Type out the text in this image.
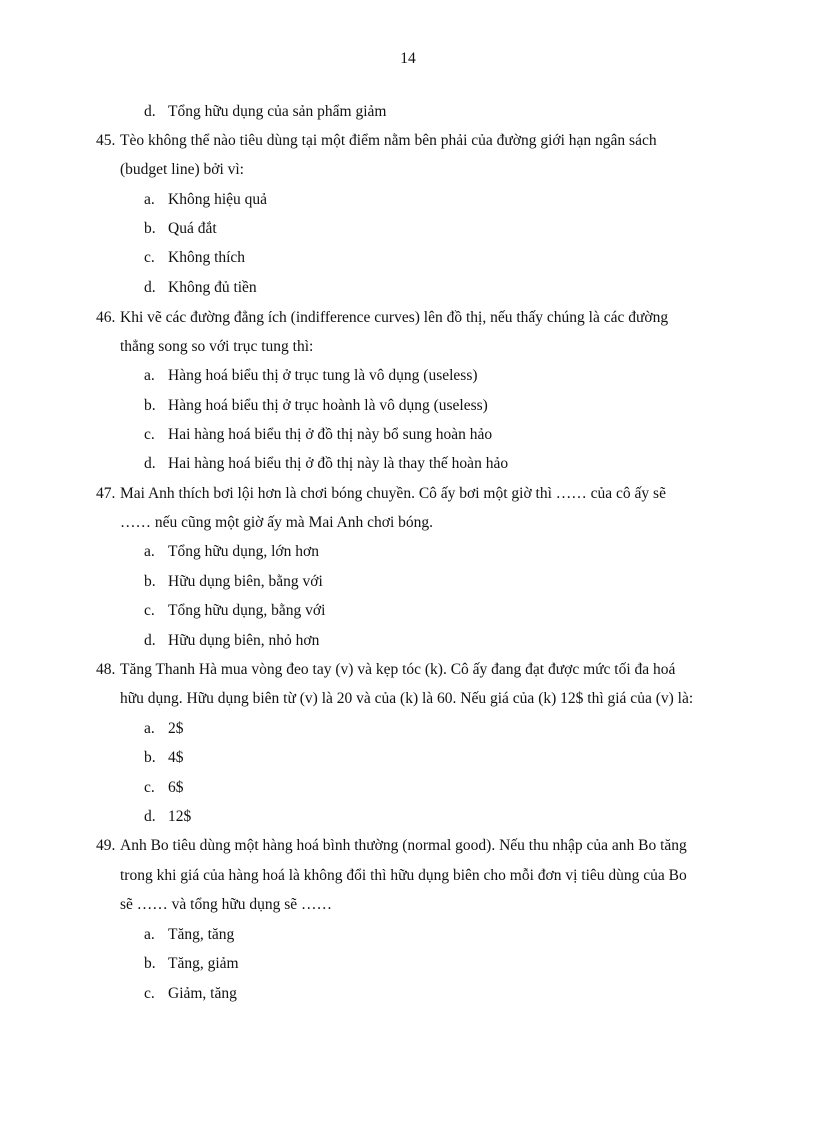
14
d. Tổng hữu dụng của sản phẩm giảm
45. Tèo không thể nào tiêu dùng tại một điểm nằm bên phải của đường giới hạn ngân sách
(budget line) bởi vì:
a. Không hiệu quả
b. Quá đắt
c. Không thích
d. Không đủ tiền
46. Khi vẽ các đường đẳng ích (indifference curves) lên đồ thị, nếu thấy chúng là các đường
thẳng song so với trục tung thì:
a. Hàng hoá biểu thị ở trục tung là vô dụng (useless)
b. Hàng hoá biểu thị ở trục hoành là vô dụng (useless)
c. Hai hàng hoá biểu thị ở đồ thị này bổ sung hoàn hảo
d. Hai hàng hoá biểu thị ở đồ thị này là thay thế hoàn hảo
47. Mai Anh thích bơi lội hơn là chơi bóng chuyền. Cô ấy bơi một giờ thì …… của cô ấy sẽ
…… nếu cũng một giờ ấy mà Mai Anh chơi bóng.
a. Tổng hữu dụng, lớn hơn
b. Hữu dụng biên, bằng với
c. Tổng hữu dụng, bằng với
d. Hữu dụng biên, nhỏ hơn
48. Tăng Thanh Hà mua vòng đeo tay (v) và kẹp tóc (k). Cô ấy đang đạt được mức tối đa hoá
hữu dụng. Hữu dụng biên từ (v) là 20 và của (k) là 60. Nếu giá của (k) 12$ thì giá của (v) là:
a. 2$
b. 4$
c. 6$
d. 12$
49. Anh Bo tiêu dùng một hàng hoá bình thường (normal good). Nếu thu nhập của anh Bo tăng
trong khi giá của hàng hoá là không đổi thì hữu dụng biên cho mỗi đơn vị tiêu dùng của Bo
sẽ …… và tổng hữu dụng sẽ ……
a. Tăng, tăng
b. Tăng, giảm
c. Giảm, tăng
